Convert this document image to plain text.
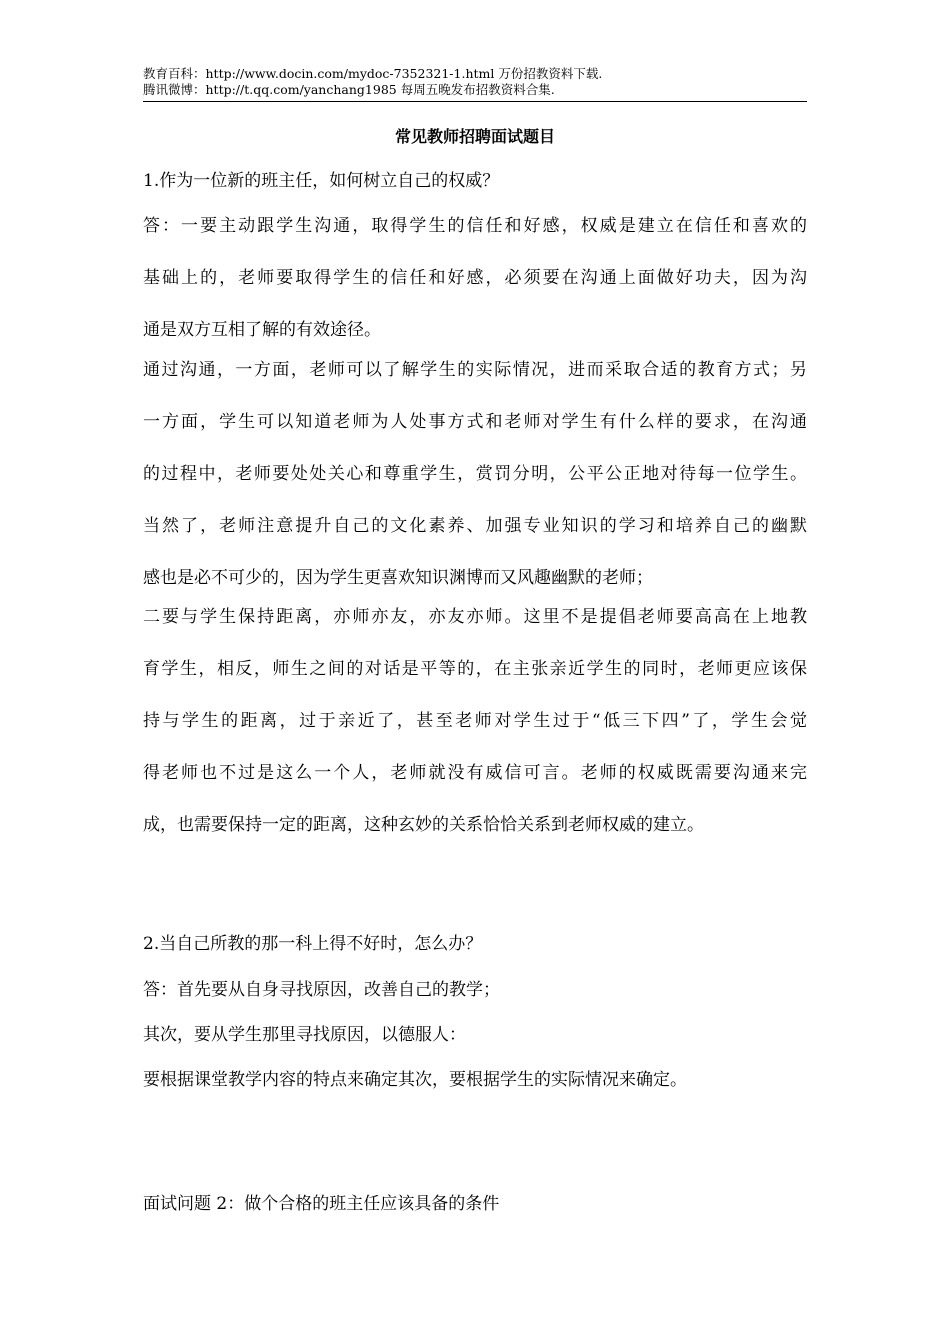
教育百科：http://www.docin.com/mydoc-7352321-1.html 万份招教资料下载.
腾讯微博：http://t.qq.com/yanchang1985 每周五晚发布招教资料合集.
常见教师招聘面试题目
1.作为一位新的班主任，如何树立自己的权威？
答：一要主动跟学生沟通，取得学生的信任和好感，权威是建立在信任和喜欢的
基础上的，老师要取得学生的信任和好感，必须要在沟通上面做好功夫，因为沟
通是双方互相了解的有效途径。
通过沟通，一方面，老师可以了解学生的实际情况，进而采取合适的教育方式；另
一方面，学生可以知道老师为人处事方式和老师对学生有什么样的要求，在沟通
的过程中，老师要处处关心和尊重学生，赏罚分明，公平公正地对待每一位学生。
当然了，老师注意提升自己的文化素养、加强专业知识的学习和培养自己的幽默
感也是必不可少的，因为学生更喜欢知识渊博而又风趣幽默的老师；
二要与学生保持距离，亦师亦友，亦友亦师。这里不是提倡老师要高高在上地教
育学生，相反，师生之间的对话是平等的，在主张亲近学生的同时，老师更应该保
持与学生的距离，过于亲近了，甚至老师对学生过于“低三下四”了，学生会觉
得老师也不过是这么一个人，老师就没有威信可言。老师的权威既需要沟通来完
成，也需要保持一定的距离，这种玄妙的关系恰恰关系到老师权威的建立。
2.当自己所教的那一科上得不好时，怎么办？
答：首先要从自身寻找原因，改善自己的教学；
其次，要从学生那里寻找原因，以德服人：
要根据课堂教学内容的特点来确定其次，要根据学生的实际情况来确定。
面试问题 2：做个合格的班主任应该具备的条件
